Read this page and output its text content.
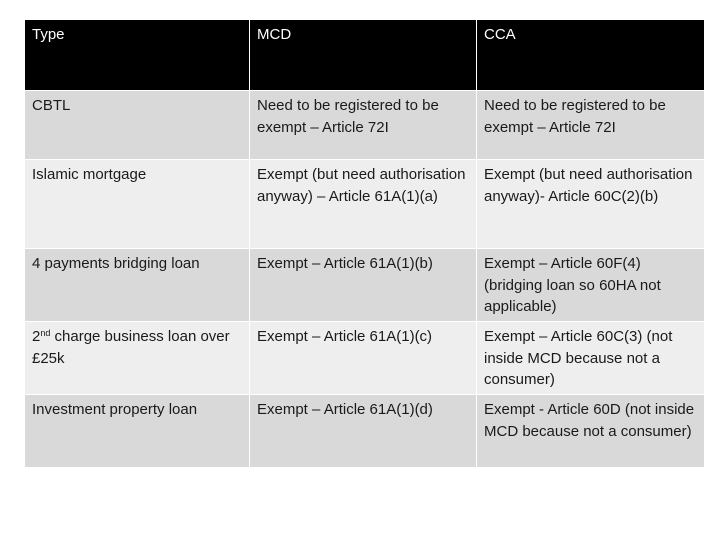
Type	MCD	CCA
CBTL	Need to be registered to be exempt – Article 72I	Need to be registered to be exempt – Article 72I
Islamic mortgage	Exempt (but need authorisation anyway) – Article 61A(1)(a)	Exempt (but need authorisation anyway)- Article 60C(2)(b)
4 payments bridging loan	Exempt – Article 61A(1)(b)	Exempt – Article 60F(4) (bridging loan so 60HA not applicable)
2nd charge business loan over £25k	Exempt – Article 61A(1)(c)	Exempt – Article 60C(3) (not inside MCD because not a consumer)
Investment property loan	Exempt – Article 61A(1)(d)	Exempt - Article 60D (not inside MCD because not a consumer)
